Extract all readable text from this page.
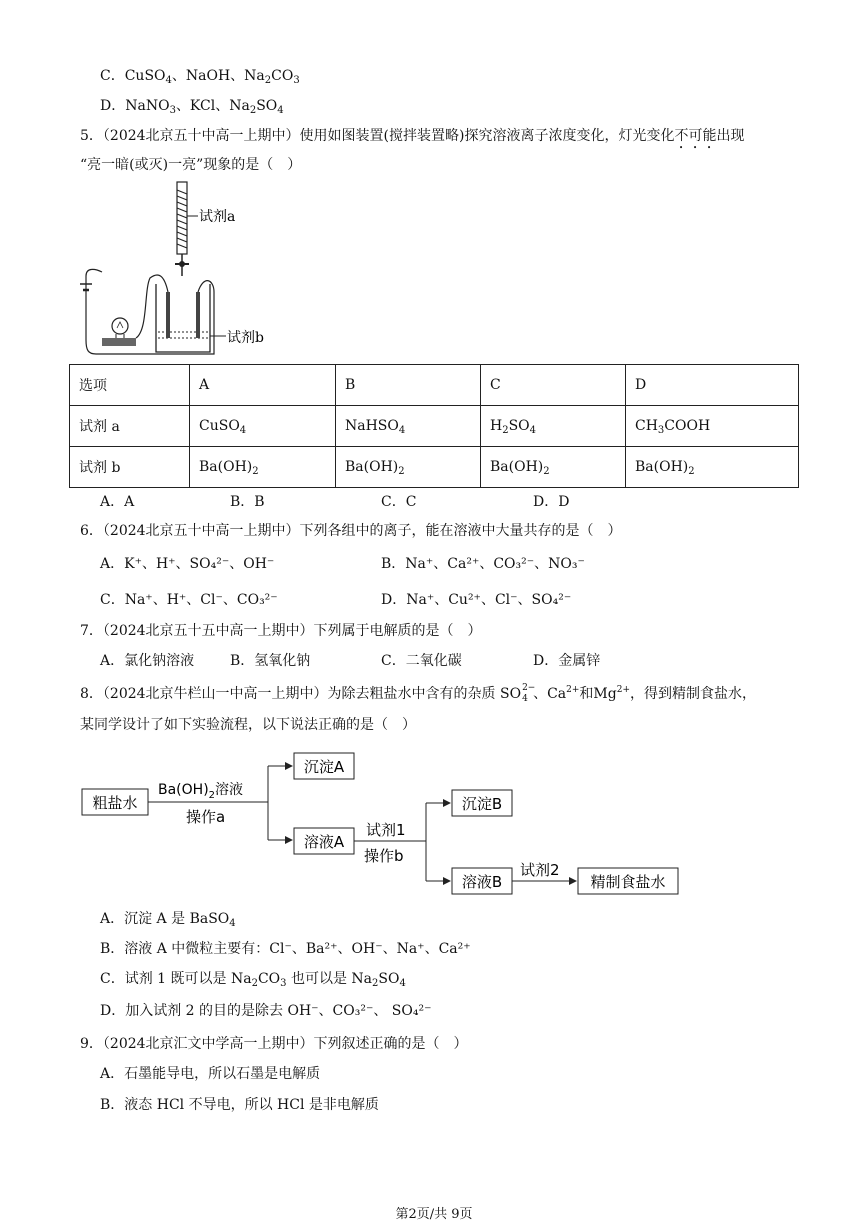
C．CuSO$_4$、NaOH、$Na_2CO_3$
D．NaNO$_3$、KCl、$Na_2SO_4$
5．（2024北京五十中高一上期中）使用如图装置(搅拌装置略)探究溶液离子浓度变化，灯光变化不可能出现
“亮一暗(或灭)一亮”现象的是（　）
试剂a
试剂b
选项	A	B	C	D
试剂 a	CuSO$_4$	NaHSO$_4$	$H_2SO_4$	$CH_3COOH$
试剂 b	$Ba(OH)_2$	$Ba(OH)_2$	$Ba(OH)_2$	$Ba(OH)_2$
A．A	B．B	C．C	D．D
6．（2024北京五十中高一上期中）下列各组中的离子，能在溶液中大量共存的是（　）
A．K⁺、H⁺、SO₄²⁻、OH⁻	B．Na⁺、Ca²⁺、CO₃²⁻、NO₃⁻
C．Na⁺、H⁺、Cl⁻、CO₃²⁻	D．Na⁺、Cu²⁺、Cl⁻、SO₄²⁻
7．（2024北京五十五中高一上期中）下列属于电解质的是（　）
A．氯化钠溶液	B．氢氧化钠	C．二氧化碳	D．金属锌
8．（2024北京牛栏山一中高一上期中）为除去粗盐水中含有的杂质 SO 2−
4 、$Ca^{2+}$和$Mg^{2+}$，得到精制食盐水，
某同学设计了如下实验流程，以下说法正确的是（　）
粗盐水
$Ba(OH)_2$溶液
操作a
沉淀A
溶液A
试剂1
操作b
沉淀B
溶液B
试剂2
精制食盐水
A．沉淀 A 是 BaSO$_4$
B．溶液 A 中微粒主要有：Cl⁻、Ba²⁺、OH⁻、Na⁺、Ca²⁺
C．试剂 1 既可以是 $Na_2CO_3$ 也可以是 $Na_2SO_4$
D．加入试剂 2 的目的是除去 OH⁻、CO₃²⁻、 SO₄²⁻
9．（2024北京汇文中学高一上期中）下列叙述正确的是（　）
A．石墨能导电，所以石墨是电解质
B．液态 HCl 不导电，所以 HCl 是非电解质
第2页/共 9页
